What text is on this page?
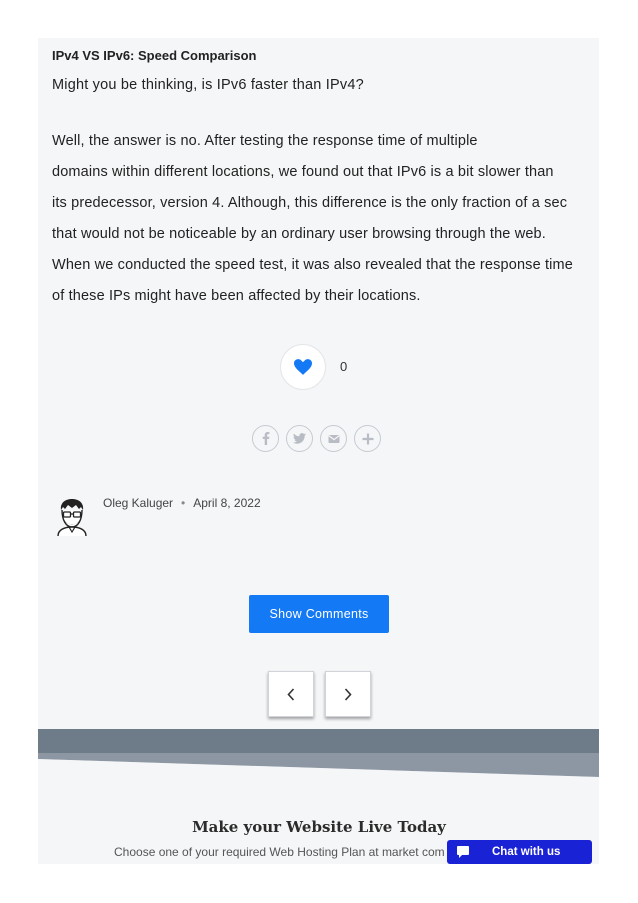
IPv4 VS IPv6: Speed Comparison
Might you be thinking, is IPv6 faster than IPv4?
Well, the answer is no. After testing the response time of multiple
domains within different locations, we found out that IPv6 is a bit slower than
its predecessor, version 4. Although, this difference is the only fraction of a sec
that would not be noticeable by an ordinary user browsing through the web.
When we conducted the speed test, it was also revealed that the response time
of these IPs might have been affected by their locations.
0
Oleg Kaluger • April 8, 2022
Show Comments
Make your Website Live Today
Choose one of your required Web Hosting Plan at market com	Chat with us
